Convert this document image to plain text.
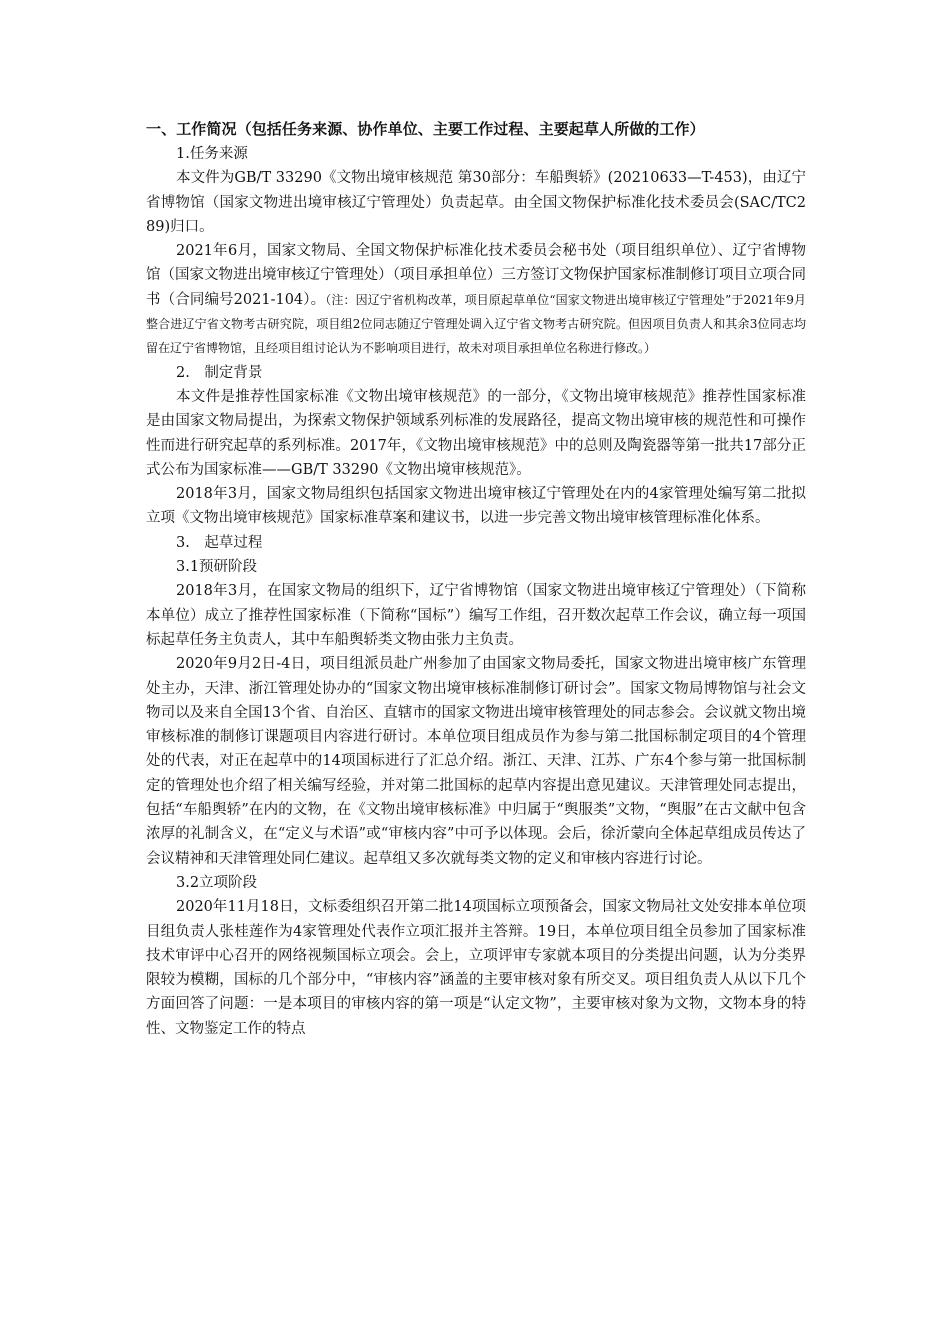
一、工作简况（包括任务来源、协作单位、主要工作过程、主要起草人所做的工作）
1.任务来源
本文件为GB/T 33290《文物出境审核规范 第30部分：车船舆轿》(20210633—T-453)，由辽宁省博物馆（国家文物进出境审核辽宁管理处）负责起草。由全国文物保护标准化技术委员会(SAC/TC289)归口。
2021年6月，国家文物局、全国文物保护标准化技术委员会秘书处（项目组织单位）、辽宁省博物馆（国家文物进出境审核辽宁管理处）（项目承担单位）三方签订文物保护国家标准制修订项目立项合同书（合同编号2021-104）。（注：因辽宁省机构改革，项目原起草单位“国家文物进出境审核辽宁管理处”于2021年9月整合进辽宁省文物考古研究院，项目组2位同志随辽宁管理处调入辽宁省文物考古研究院。但因项目负责人和其余3位同志均留在辽宁省博物馆，且经项目组讨论认为不影响项目进行，故未对项目承担单位名称进行修改。）
2.　制定背景
本文件是推荐性国家标准《文物出境审核规范》的一部分，《文物出境审核规范》推荐性国家标准是由国家文物局提出，为探索文物保护领域系列标准的发展路径，提高文物出境审核的规范性和可操作性而进行研究起草的系列标准。2017年，《文物出境审核规范》中的总则及陶瓷器等第一批共17部分正式公布为国家标准——GB/T 33290《文物出境审核规范》。
2018年3月，国家文物局组织包括国家文物进出境审核辽宁管理处在内的4家管理处编写第二批拟立项《文物出境审核规范》国家标准草案和建议书，以进一步完善文物出境审核管理标准化体系。
3.　起草过程
3.1预研阶段
2018年3月，在国家文物局的组织下，辽宁省博物馆（国家文物进出境审核辽宁管理处）（下简称本单位）成立了推荐性国家标准（下简称“国标”）编写工作组，召开数次起草工作会议，确立每一项国标起草任务主负责人，其中车船舆轿类文物由张力主负责。
2020年9月2日-4日，项目组派员赴广州参加了由国家文物局委托，国家文物进出境审核广东管理处主办，天津、浙江管理处协办的“国家文物出境审核标准制修订研讨会”。国家文物局博物馆与社会文物司以及来自全国13个省、自治区、直辖市的国家文物进出境审核管理处的同志参会。会议就文物出境审核标准的制修订课题项目内容进行研讨。本单位项目组成员作为参与第二批国标制定项目的4个管理处的代表，对正在起草中的14项国标进行了汇总介绍。浙江、天津、江苏、广东4个参与第一批国标制定的管理处也介绍了相关编写经验，并对第二批国标的起草内容提出意见建议。天津管理处同志提出，包括“车船舆轿”在内的文物，在《文物出境审核标准》中归属于“舆服类”文物，“舆服”在古文献中包含浓厚的礼制含义，在“定义与术语”或“审核内容”中可予以体现。会后，徐沂蒙向全体起草组成员传达了会议精神和天津管理处同仁建议。起草组又多次就每类文物的定义和审核内容进行讨论。
3.2立项阶段
2020年11月18日，文标委组织召开第二批14项国标立项预备会，国家文物局社文处安排本单位项目组负责人张桂莲作为4家管理处代表作立项汇报并主答辩。19日，本单位项目组全员参加了国家标准技术审评中心召开的网络视频国标立项会。会上，立项评审专家就本项目的分类提出问题，认为分类界限较为模糊，国标的几个部分中，“审核内容”涵盖的主要审核对象有所交叉。项目组负责人从以下几个方面回答了问题：一是本项目的审核内容的第一项是“认定文物”，主要审核对象为文物，文物本身的特性、文物鉴定工作的特点
